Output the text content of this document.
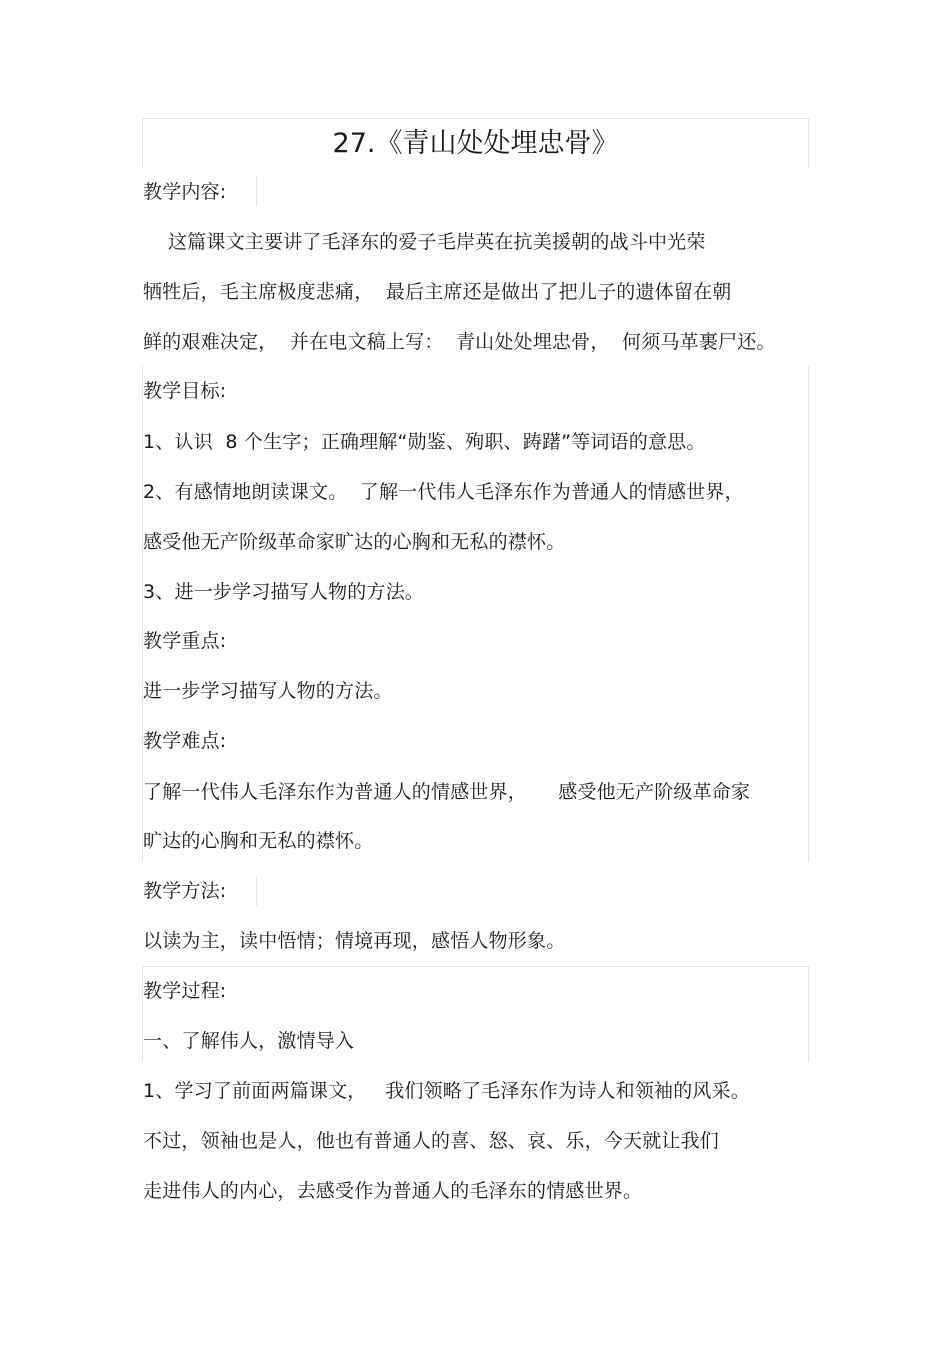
27.《青山处处埋忠骨》
教学内容:
这篇课文主要讲了毛泽东的爱子毛岸英在抗美援朝的战斗中光荣
牺牲后，毛主席极度悲痛，  最后主席还是做出了把儿子的遗体留在朝
鲜的艰难决定，  并在电文稿上写：  青山处处埋忠骨，  何须马革裹尸还。
教学目标:
1、认识  8 个生字；正确理解“勋鉴、殉职、踌躇”等词语的意思。
2、有感情地朗读课文。  了解一代伟人毛泽东作为普通人的情感世界，
感受他无产阶级革命家旷达的心胸和无私的襟怀。
3、进一步学习描写人物的方法。
教学重点:
进一步学习描写人物的方法。
教学难点:
了解一代伟人毛泽东作为普通人的情感世界，     感受他无产阶级革命家
旷达的心胸和无私的襟怀。
教学方法:
以读为主，读中悟情；情境再现，感悟人物形象。
教学过程:
一、了解伟人，激情导入
1、学习了前面两篇课文，   我们领略了毛泽东作为诗人和领袖的风采。
不过，领袖也是人，他也有普通人的喜、怒、哀、乐，今天就让我们
走进伟人的内心，去感受作为普通人的毛泽东的情感世界。
